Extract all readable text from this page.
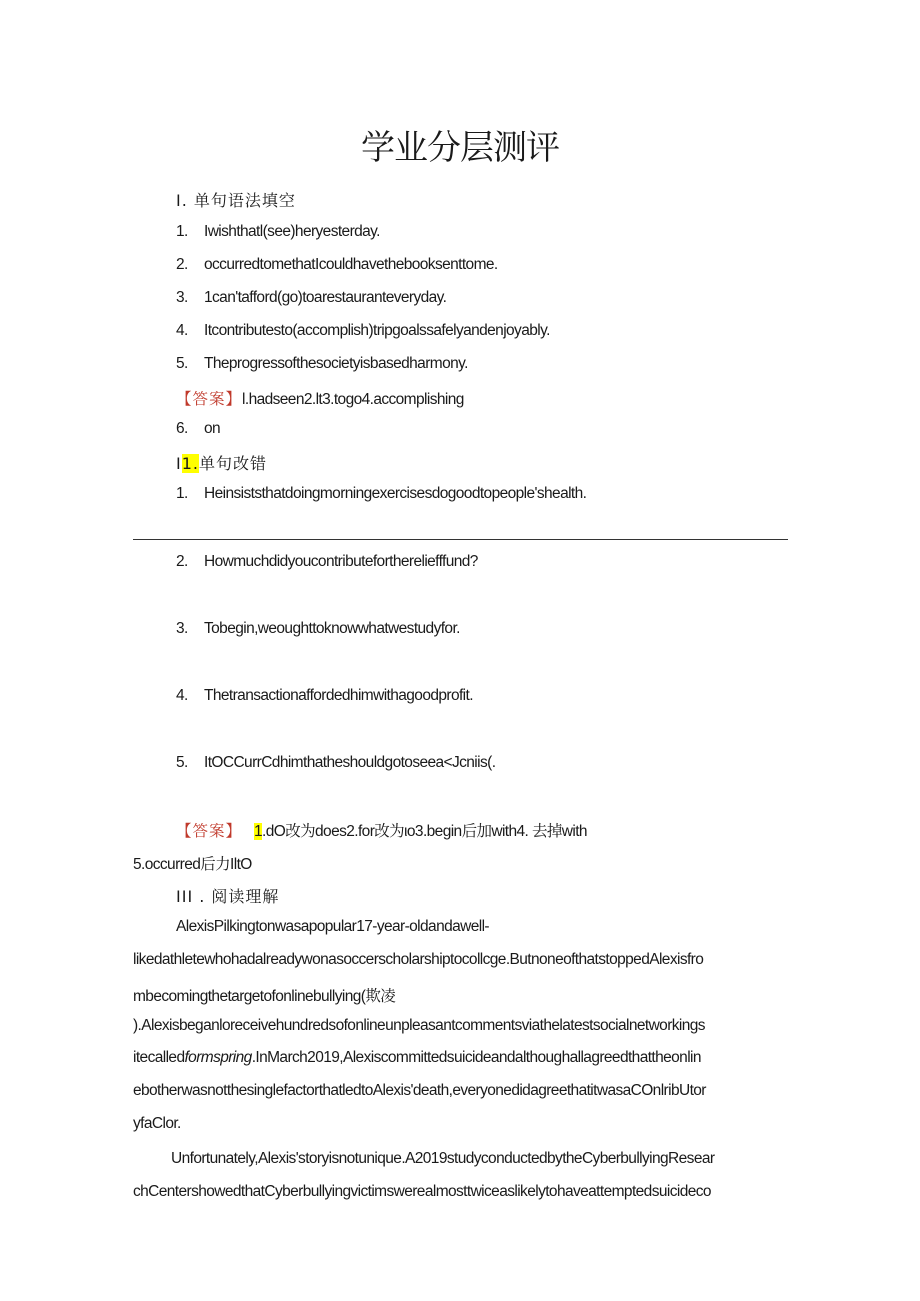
学业分层测评
I. 单句语法填空
1. Iwishthatl(see)heryesterday.
2. occurredtomethatIcouldhavethebooksenttome.
3. 1can'tafford(go)toarestauranteveryday.
4. Itcontributesto(accomplish)tripgoalssafelyandenjoyably.
5. Theprogressofthesocietyisbasedharmony.
【答案】l.hadseen2.lt3.togo4.accomplishing
6. on
I1.单句改错
1. Heinsiststhatdoingmorningexercisesdogoodtopeople'shealth.
2. Howmuchdidyoucontributeforthereliefffund?
3. Tobegin,weoughttoknowwhatwestudyfor.
4. Thetransactionaffordedhimwithagoodprofit.
5. ItOCCurrCdhimthatheshouldgotoseea<Jcniis(.
【答案】 1.dO改为does2.for改为ιo3.begin后加with4. 去掉with
5.occurred后力IltO
III . 阅读理解
AlexisPilkingtonwasapopular17-year-oldandawell-
likedathletewhohadalreadywonasoccerscholarshiptocollcge.ButnoneofthatstoppedAlexisfro
mbecomingthetargetofonlinebullying(欺凌
).Alexisbeganloreceivehundredsofonlineunpleasantcommentsviathelatestsocialnetworkings
itecalledformspring.InMarch2019,Alexiscommittedsuicideandalthoughallagreedthattheonlin
ebotherwasnotthesinglefactorthatledtoAlexis'death,everyonedidagreethatitwasaCOnlribUtor
yfaClor.
Unfortunately,Alexis'storyisnotunique.A2019studyconductedbytheCyberbullyingResear
chCentershowedthatCyberbullyingvictimswerealmosttwiceaslikelytohaveattemptedsuicideco
